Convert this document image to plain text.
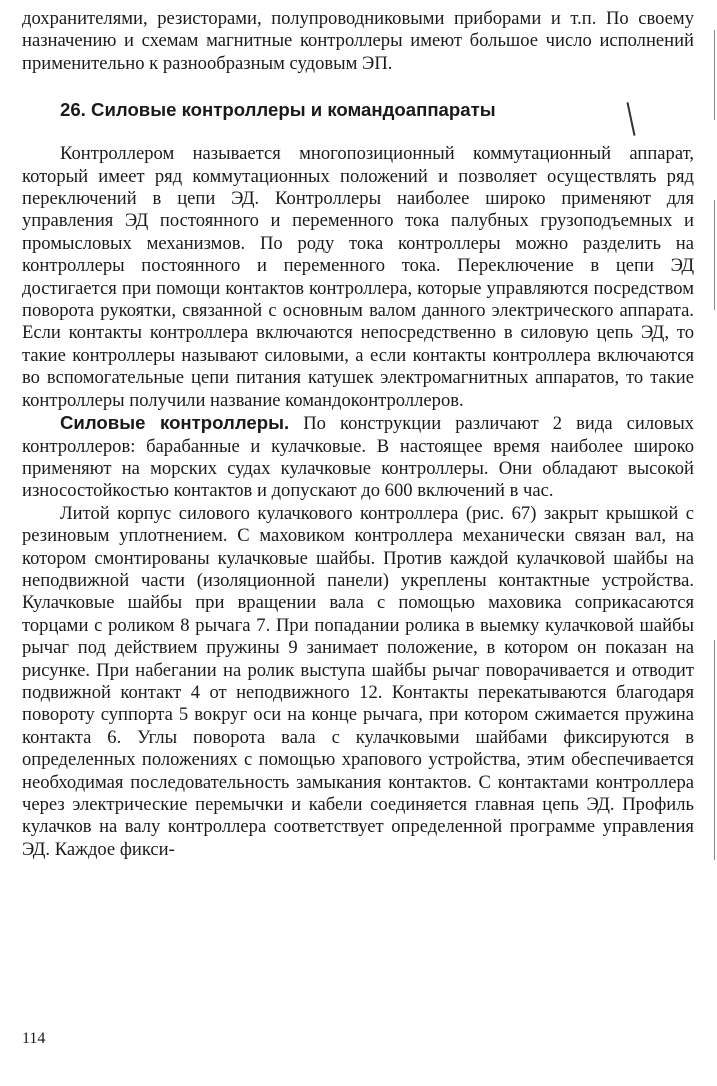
дохранителями, резисторами, полупроводниковыми приборами и т.п. По своему назначению и схемам магнитные контроллеры имеют большое число исполнений применительно к разнообразным судовым ЭП.

26. Силовые контроллеры и командоаппараты

Контроллером называется многопозиционный коммутационный аппарат, который имеет ряд коммутационных положений и позволяет осуществлять ряд переключений в цепи ЭД. Контроллеры наиболее широко применяют для управления ЭД постоянного и переменного тока палубных грузоподъемных и промысловых механизмов. По роду тока контроллеры можно разделить на контроллеры постоянного и переменного тока. Переключение в цепи ЭД достигается при помощи контактов контроллера, которые управляются посредством поворота рукоятки, связанной с основным валом данного электрического аппарата. Если контакты контроллера включаются непосредственно в силовую цепь ЭД, то такие контроллеры называют силовыми, а если контакты контроллера включаются во вспомогательные цепи питания катушек электромагнитных аппаратов, то такие контроллеры получили название командоконтроллеров.

Силовые контроллеры. По конструкции различают 2 вида силовых контроллеров: барабанные и кулачковые. В настоящее время наиболее широко применяют на морских судах кулачковые контроллеры. Они обладают высокой износостойкостью контактов и допускают до 600 включений в час.

Литой корпус силового кулачкового контроллера (рис. 67) закрыт крышкой с резиновым уплотнением. С маховиком контроллера механически связан вал, на котором смонтированы кулачковые шайбы. Против каждой кулачковой шайбы на неподвижной части (изоляционной панели) укреплены контактные устройства. Кулачковые шайбы при вращении вала с помощью маховика соприкасаются торцами с роликом 8 рычага 7. При попадании ролика в выемку кулачковой шайбы рычаг под действием пружины 9 занимает положение, в котором он показан на рисунке. При набегании на ролик выступа шайбы рычаг поворачивается и отводит подвижной контакт 4 от неподвижного 12. Контакты перекатываются благодаря повороту суппорта 5 вокруг оси на конце рычага, при котором сжимается пружина контакта 6. Углы поворота вала с кулачковыми шайбами фиксируются в определенных положениях с помощью храпового устройства, этим обеспечивается необходимая последовательность замыкания контактов. С контактами контроллера через электрические перемычки и кабели соединяется главная цепь ЭД. Профиль кулачков на валу контроллера соответствует определенной программе управления ЭД. Каждое фикси-

114
